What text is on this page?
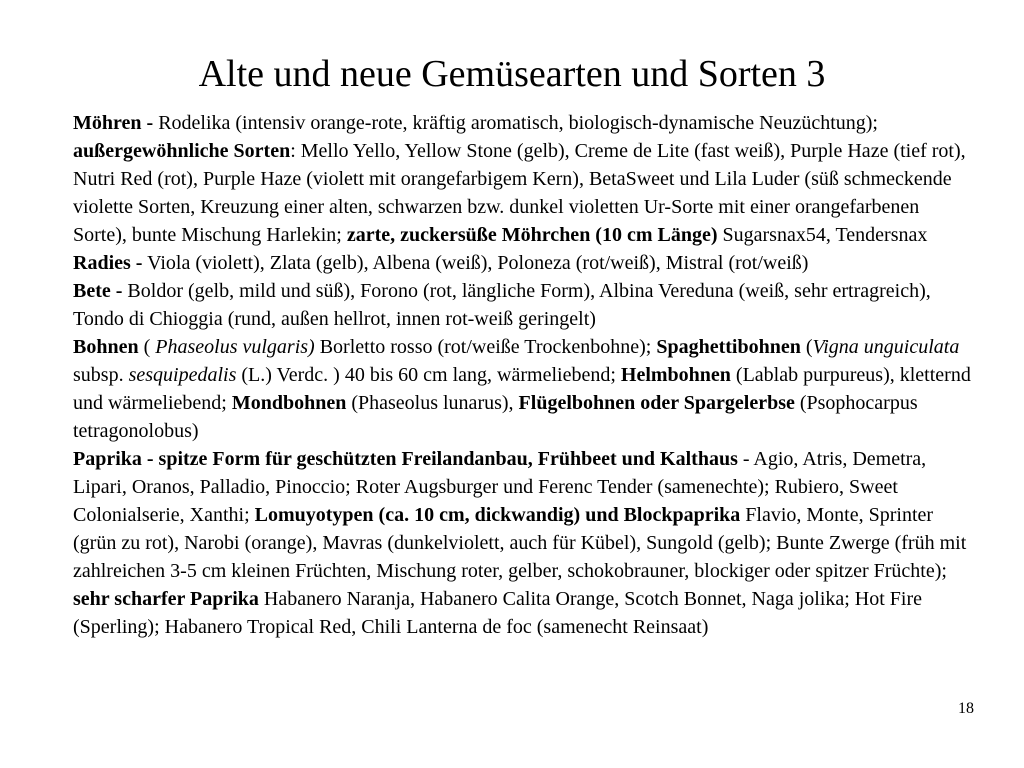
Alte und neue Gemüsearten und Sorten 3

Möhren - Rodelika (intensiv orange-rote, kräftig aromatisch, biologisch-dynamische Neuzüchtung); außergewöhnliche Sorten: Mello Yello, Yellow Stone (gelb), Creme de Lite (fast weiß), Purple Haze (tief rot), Nutri Red (rot), Purple Haze (violett mit orangefarbigem Kern), BetaSweet und Lila Luder (süß schmeckende violette Sorten, Kreuzung einer alten, schwarzen bzw. dunkel violetten Ur-Sorte mit einer orangefarbenen Sorte), bunte Mischung Harlekin; zarte, zuckersüße Möhrchen (10 cm Länge) Sugarsnax54, Tendersnax

Radies - Viola (violett), Zlata (gelb), Albena (weiß), Poloneza (rot/weiß), Mistral (rot/weiß)

Bete - Boldor (gelb, mild und süß), Forono (rot, längliche Form), Albina Vereduna (weiß, sehr ertragreich), Tondo di Chioggia (rund, außen hellrot, innen rot-weiß geringelt)

Bohnen ( Phaseolus vulgaris) Borletto rosso (rot/weiße Trockenbohne); Spaghettibohnen (Vigna unguiculata subsp. sesquipedalis (L.) Verdc. ) 40 bis 60 cm lang, wärmeliebend; Helmbohnen (Lablab purpureus), kletternd und wärmeliebend; Mondbohnen (Phaseolus lunarus), Flügelbohnen oder Spargelerbse (Psophocarpus tetragonolobus)

Paprika - spitze Form für geschützten Freilandanbau, Frühbeet und Kalthaus - Agio, Atris, Demetra, Lipari, Oranos, Palladio, Pinoccio; Roter Augsburger und Ferenc Tender (samenechte); Rubiero, Sweet Colonialserie, Xanthi; Lomuyotypen (ca. 10 cm, dickwandig) und Blockpaprika Flavio, Monte, Sprinter (grün zu rot), Narobi (orange), Mavras (dunkelviolett, auch für Kübel), Sungold (gelb); Bunte Zwerge (früh mit zahlreichen 3-5 cm kleinen Früchten, Mischung roter, gelber, schokobrauner, blockiger oder spitzer Früchte); sehr scharfer Paprika Habanero Naranja, Habanero Calita Orange, Scotch Bonnet, Naga jolika; Hot Fire (Sperling); Habanero Tropical Red, Chili Lanterna de foc (samenecht Reinsaat)

18
